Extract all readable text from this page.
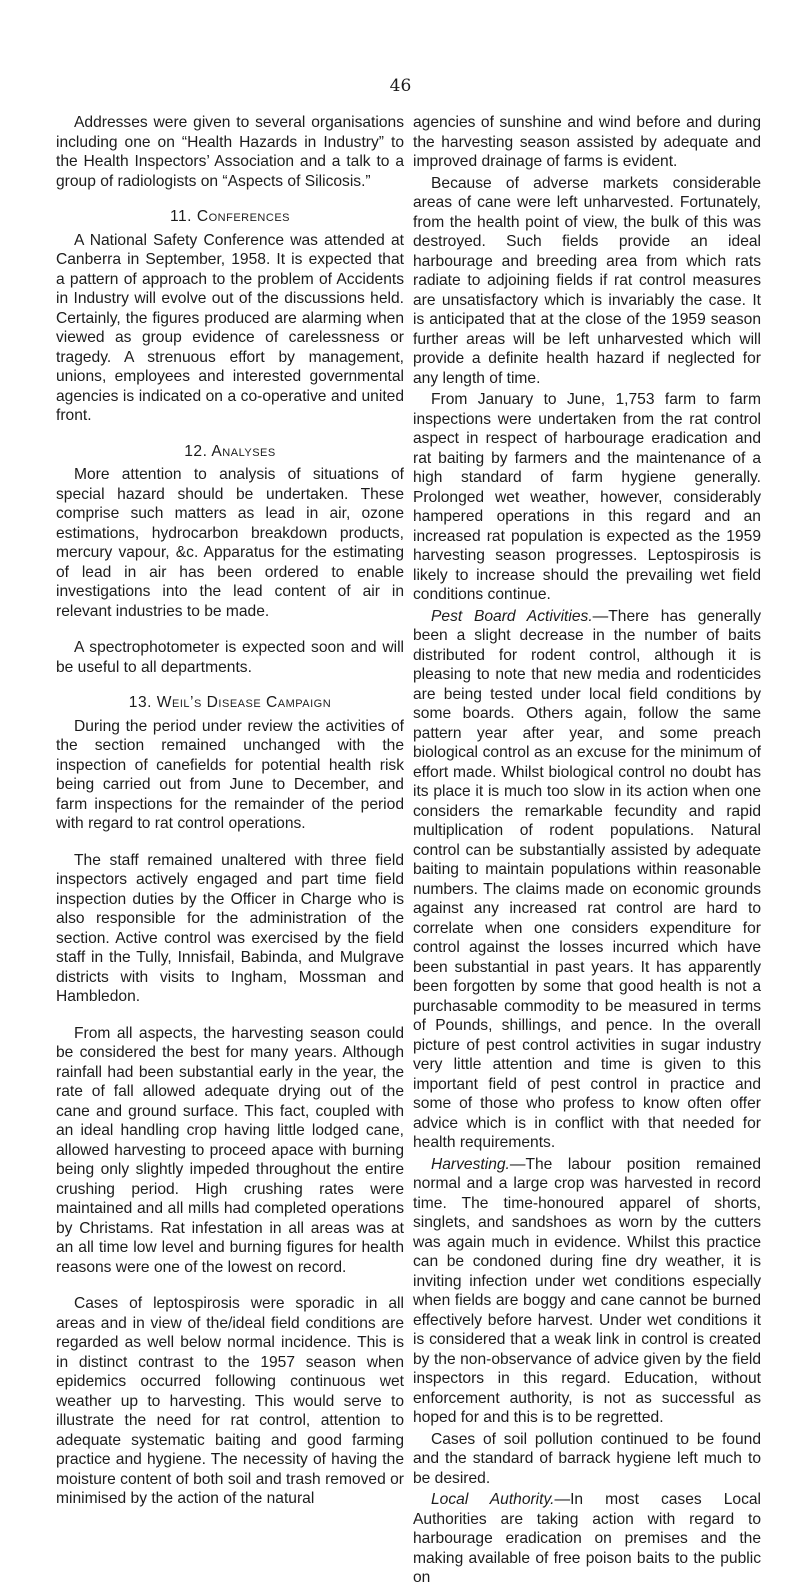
46

Addresses were given to several organisations including one on “Health Hazards in Industry” to the Health Inspectors’ Association and a talk to a group of radiologists on “Aspects of Silicosis.”

11. Conferences

A National Safety Conference was attended at Canberra in September, 1958. It is expected that a pattern of approach to the problem of Accidents in Industry will evolve out of the discussions held. Certainly, the figures produced are alarming when viewed as group evidence of carelessness or tragedy. A strenuous effort by management, unions, employees and interested governmental agencies is indicated on a co-operative and united front.

12. Analyses

More attention to analysis of situations of special hazard should be undertaken. These comprise such matters as lead in air, ozone estimations, hydrocarbon breakdown products, mercury vapour, &c. Apparatus for the estimating of lead in air has been ordered to enable investigations into the lead content of air in relevant industries to be made.

A spectrophotometer is expected soon and will be useful to all departments.

13. Weil’s Disease Campaign

During the period under review the activities of the section remained unchanged with the inspection of canefields for potential health risk being carried out from June to December, and farm inspections for the remainder of the period with regard to rat control operations.

The staff remained unaltered with three field inspectors actively engaged and part time field inspection duties by the Officer in Charge who is also responsible for the administration of the section. Active control was exercised by the field staff in the Tully, Innisfail, Babinda, and Mulgrave districts with visits to Ingham, Mossman and Hambledon.

From all aspects, the harvesting season could be considered the best for many years. Although rainfall had been substantial early in the year, the rate of fall allowed adequate drying out of the cane and ground surface. This fact, coupled with an ideal handling crop having little lodged cane, allowed harvesting to proceed apace with burning being only slightly impeded throughout the entire crushing period. High crushing rates were maintained and all mills had completed operations by Christams. Rat infestation in all areas was at an all time low level and burning figures for health reasons were one of the lowest on record.

Cases of leptospirosis were sporadic in all areas and in view of the/ideal field conditions are regarded as well below normal incidence. This is in distinct contrast to the 1957 season when epidemics occurred following continuous wet weather up to harvesting. This would serve to illustrate the need for rat control, attention to adequate systematic baiting and good farming practice and hygiene. The necessity of having the moisture content of both soil and trash removed or minimised by the action of the natural

agencies of sunshine and wind before and during the harvesting season assisted by adequate and improved drainage of farms is evident.

Because of adverse markets considerable areas of cane were left unharvested. Fortunately, from the health point of view, the bulk of this was destroyed. Such fields provide an ideal harbourage and breeding area from which rats radiate to adjoining fields if rat control measures are unsatisfactory which is invariably the case. It is anticipated that at the close of the 1959 season further areas will be left unharvested which will provide a definite health hazard if neglected for any length of time.

From January to June, 1,753 farm to farm inspections were undertaken from the rat control aspect in respect of harbourage eradication and rat baiting by farmers and the maintenance of a high standard of farm hygiene generally. Prolonged wet weather, however, considerably hampered operations in this regard and an increased rat population is expected as the 1959 harvesting season progresses. Leptospirosis is likely to increase should the prevailing wet field conditions continue.

Pest Board Activities.—There has generally been a slight decrease in the number of baits distributed for rodent control, although it is pleasing to note that new media and rodenticides are being tested under local field conditions by some boards. Others again, follow the same pattern year after year, and some preach biological control as an excuse for the minimum of effort made. Whilst biological control no doubt has its place it is much too slow in its action when one considers the remarkable fecundity and rapid multiplication of rodent populations. Natural control can be substantially assisted by adequate baiting to maintain populations within reasonable numbers. The claims made on economic grounds against any increased rat control are hard to correlate when one considers expenditure for control against the losses incurred which have been substantial in past years. It has apparently been forgotten by some that good health is not a purchasable commodity to be measured in terms of Pounds, shillings, and pence. In the overall picture of pest control activities in sugar industry very little attention and time is given to this important field of pest control in practice and some of those who profess to know often offer advice which is in conflict with that needed for health requirements.

Harvesting.—The labour position remained normal and a large crop was harvested in record time. The time-honoured apparel of shorts, singlets, and sandshoes as worn by the cutters was again much in evidence. Whilst this practice can be condoned during fine dry weather, it is inviting infection under wet conditions especially when fields are boggy and cane cannot be burned effectively before harvest. Under wet conditions it is considered that a weak link in control is created by the non-observance of advice given by the field inspectors in this regard. Education, without enforcement authority, is not as successful as hoped for and this is to be regretted.

Cases of soil pollution continued to be found and the standard of barrack hygiene left much to be desired.

Local Authority.—In most cases Local Authorities are taking action with regard to harbourage eradication on premises and the making available of free poison baits to the public on
